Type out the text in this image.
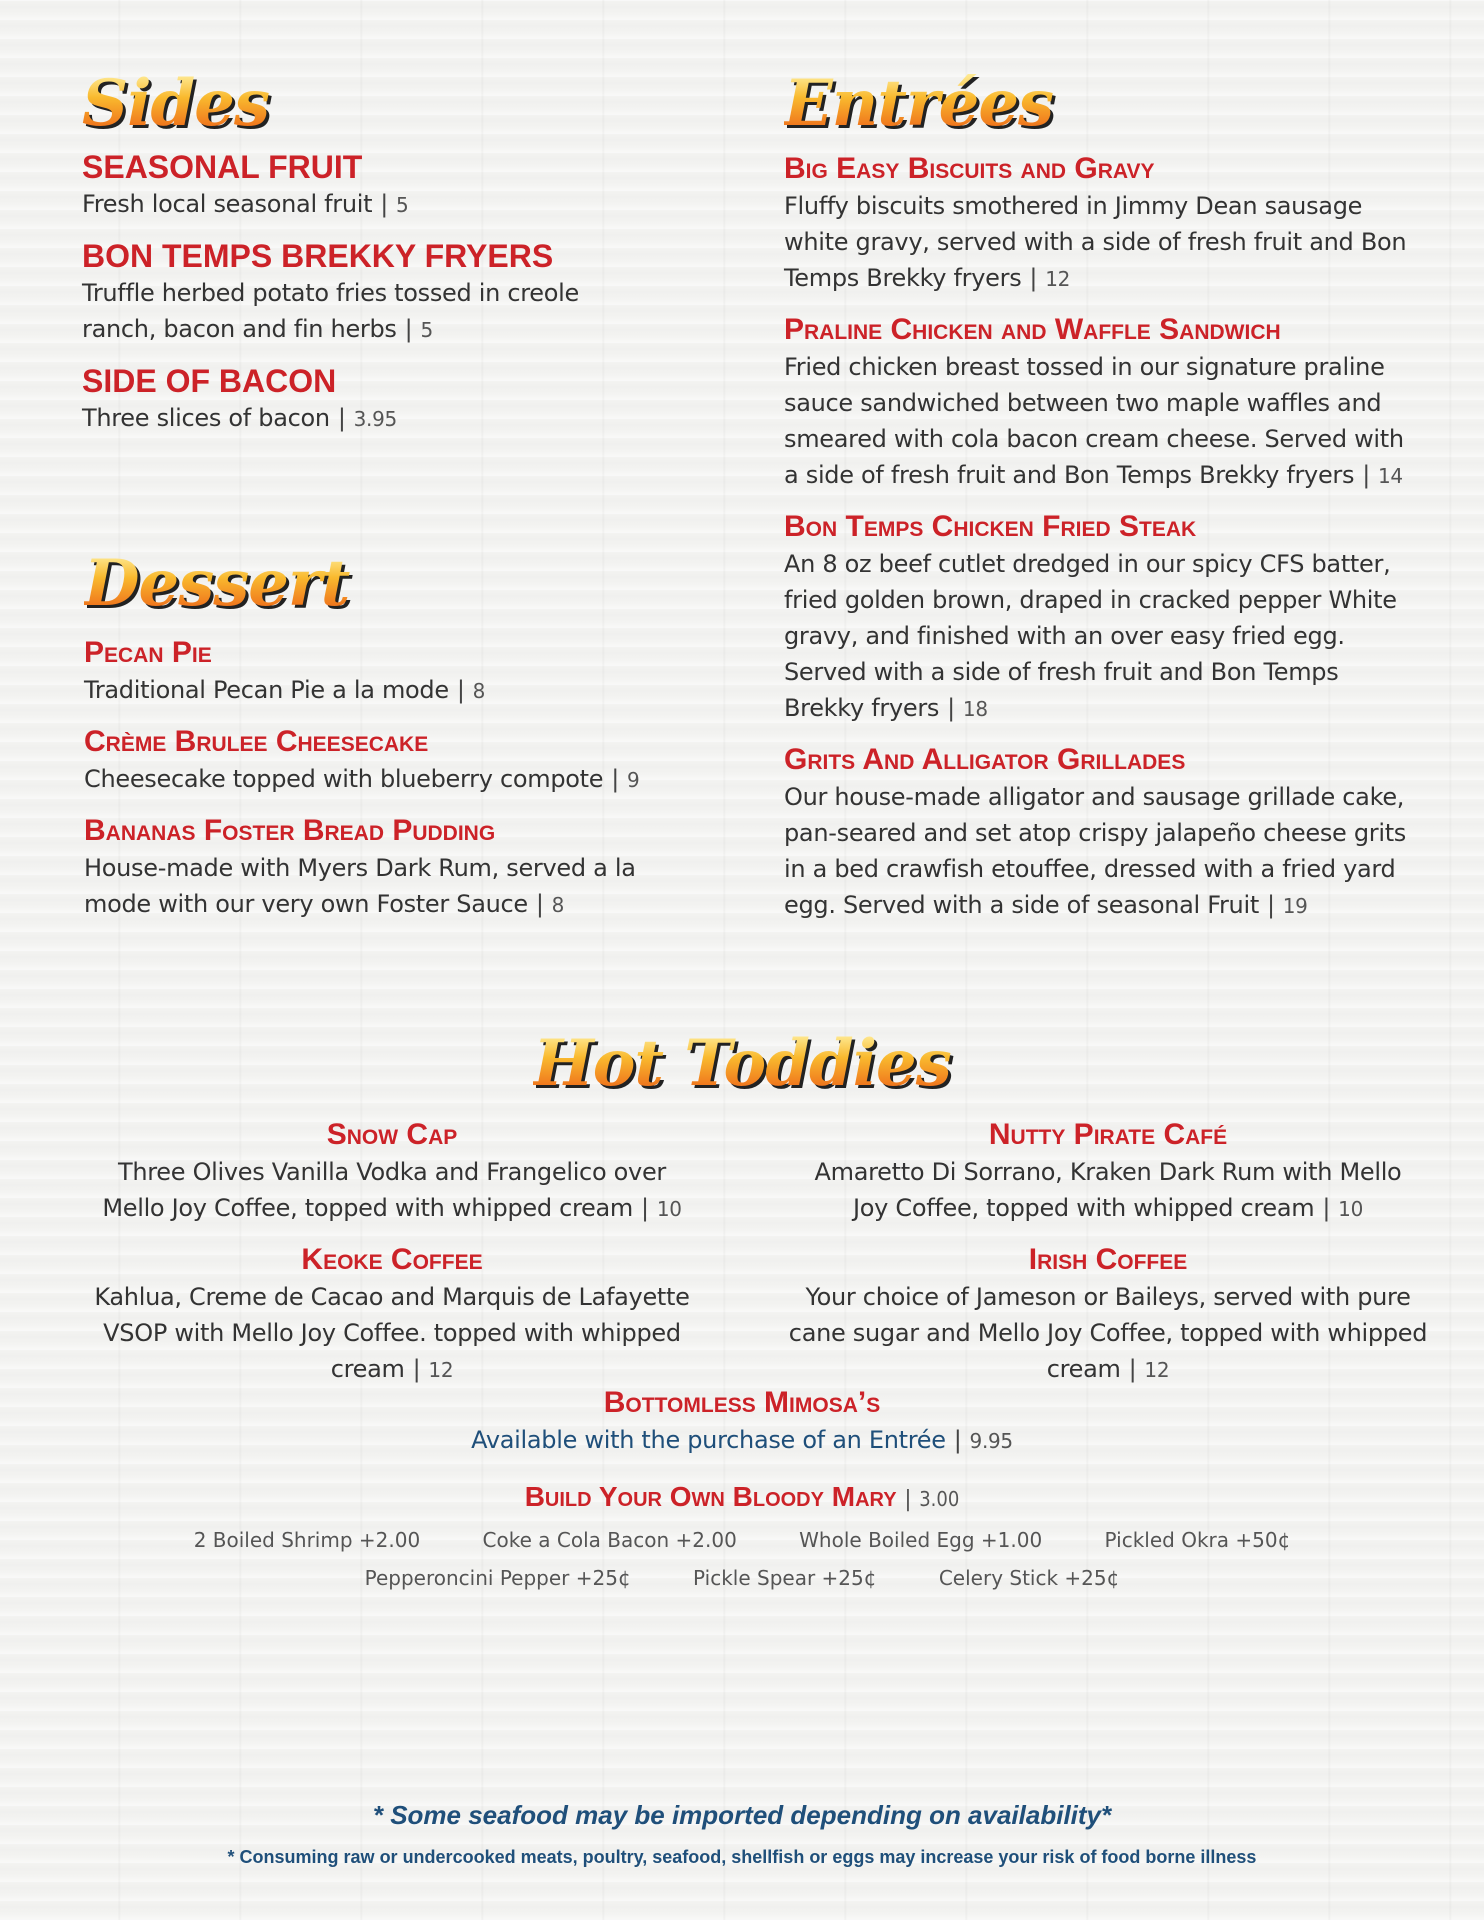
Sides
SEASONAL FRUIT
Fresh local seasonal fruit | 5
BON TEMPS BREKKY FRYERS
Truffle herbed potato fries tossed in creole ranch, bacon and fin herbs | 5
SIDE OF BACON
Three slices of bacon | 3.95
Dessert
Pecan Pie
Traditional Pecan Pie a la mode | 8
Crème Brulee Cheesecake
Cheesecake topped with blueberry compote | 9
Bananas Foster Bread Pudding
House-made with Myers Dark Rum, served a la mode with our very own Foster Sauce | 8
Entrées
Big Easy Biscuits and Gravy
Fluffy biscuits smothered in Jimmy Dean sausage white gravy, served with a side of fresh fruit and Bon Temps Brekky fryers | 12
Praline Chicken and Waffle Sandwich
Fried chicken breast tossed in our signature praline sauce sandwiched between two maple waffles and smeared with cola bacon cream cheese. Served with a side of fresh fruit and Bon Temps Brekky fryers | 14
Bon Temps Chicken Fried Steak
An 8 oz beef cutlet dredged in our spicy CFS batter, fried golden brown, draped in cracked pepper White gravy, and finished with an over easy fried egg. Served with a side of fresh fruit and Bon Temps Brekky fryers | 18
Grits And Alligator Grillades
Our house-made alligator and sausage grillade cake, pan-seared and set atop crispy jalapeño cheese grits in a bed crawfish etouffee, dressed with a fried yard egg. Served with a side of seasonal Fruit | 19
Hot Toddies
Snow Cap
Three Olives Vanilla Vodka and Frangelico over Mello Joy Coffee, topped with whipped cream | 10
Keoke Coffee
Kahlua, Creme de Cacao and Marquis de Lafayette VSOP with Mello Joy Coffee. topped with whipped cream | 12
Nutty Pirate Café
Amaretto Di Sorrano, Kraken Dark Rum with Mello Joy Coffee, topped with whipped cream | 10
Irish Coffee
Your choice of Jameson or Baileys, served with pure cane sugar and Mello Joy Coffee, topped with whipped cream | 12
Bottomless Mimosa’s
Available with the purchase of an Entrée | 9.95
Build Your Own Bloody Mary | 3.00
2 Boiled Shrimp +2.00	Coke a Cola Bacon +2.00	Whole Boiled Egg +1.00	Pickled Okra +50¢
Pepperoncini Pepper +25¢	Pickle Spear +25¢	Celery Stick +25¢
* Some seafood may be imported depending on availability*
* Consuming raw or undercooked meats, poultry, seafood, shellfish or eggs may increase your risk of food borne illness
